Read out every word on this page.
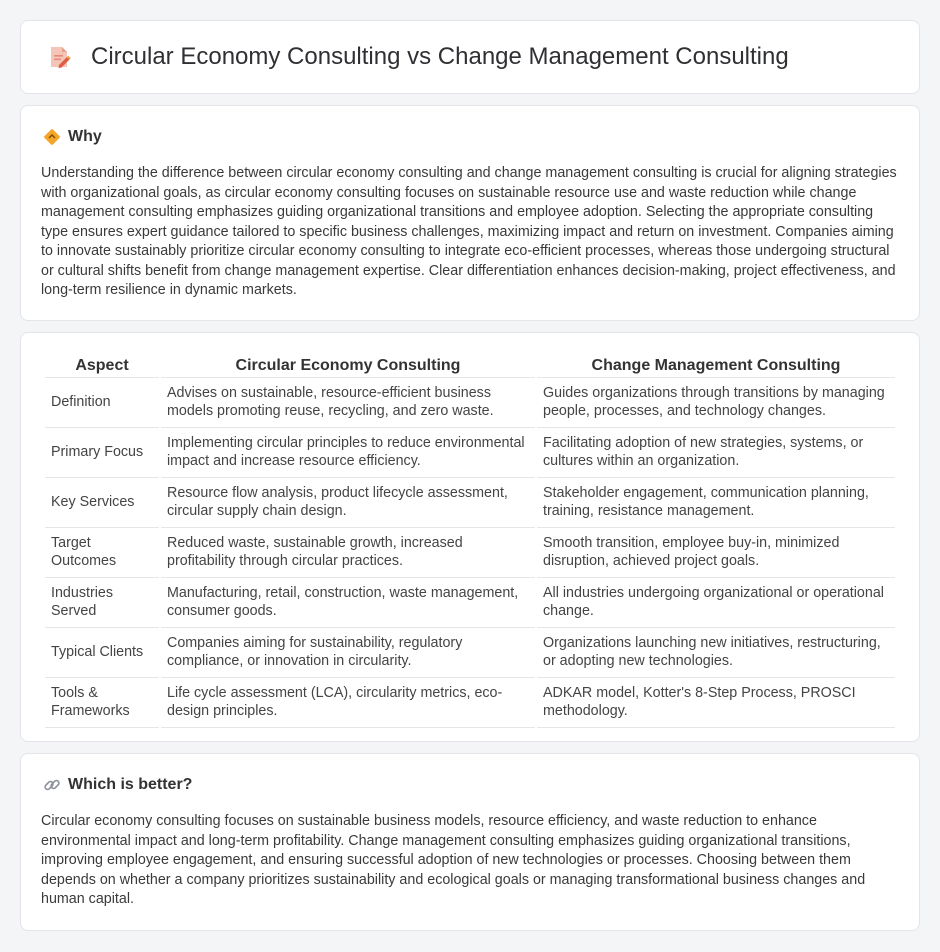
Circular Economy Consulting vs Change Management Consulting
Why

Understanding the difference between circular economy consulting and change management consulting is crucial for aligning strategies with organizational goals, as circular economy consulting focuses on sustainable resource use and waste reduction while change management consulting emphasizes guiding organizational transitions and employee adoption. Selecting the appropriate consulting type ensures expert guidance tailored to specific business challenges, maximizing impact and return on investment. Companies aiming to innovate sustainably prioritize circular economy consulting to integrate eco-efficient processes, whereas those undergoing structural or cultural shifts benefit from change management expertise. Clear differentiation enhances decision-making, project effectiveness, and long-term resilience in dynamic markets.

Aspect	Circular Economy Consulting	Change Management Consulting
Definition	Advises on sustainable, resource-efficient business models promoting reuse, recycling, and zero waste.	Guides organizations through transitions by managing people, processes, and technology changes.
Primary Focus	Implementing circular principles to reduce environmental impact and increase resource efficiency.	Facilitating adoption of new strategies, systems, or cultures within an organization.
Key Services	Resource flow analysis, product lifecycle assessment, circular supply chain design.	Stakeholder engagement, communication planning, training, resistance management.
Target Outcomes	Reduced waste, sustainable growth, increased profitability through circular practices.	Smooth transition, employee buy-in, minimized disruption, achieved project goals.
Industries Served	Manufacturing, retail, construction, waste management, consumer goods.	All industries undergoing organizational or operational change.
Typical Clients	Companies aiming for sustainability, regulatory compliance, or innovation in circularity.	Organizations launching new initiatives, restructuring, or adopting new technologies.
Tools & Frameworks	Life cycle assessment (LCA), circularity metrics, eco-design principles.	ADKAR model, Kotter's 8-Step Process, PROSCI methodology.
Which is better?

Circular economy consulting focuses on sustainable business models, resource efficiency, and waste reduction to enhance environmental impact and long-term profitability. Change management consulting emphasizes guiding organizational transitions, improving employee engagement, and ensuring successful adoption of new technologies or processes. Choosing between them depends on whether a company prioritizes sustainability and ecological goals or managing transformational business changes and human capital.
